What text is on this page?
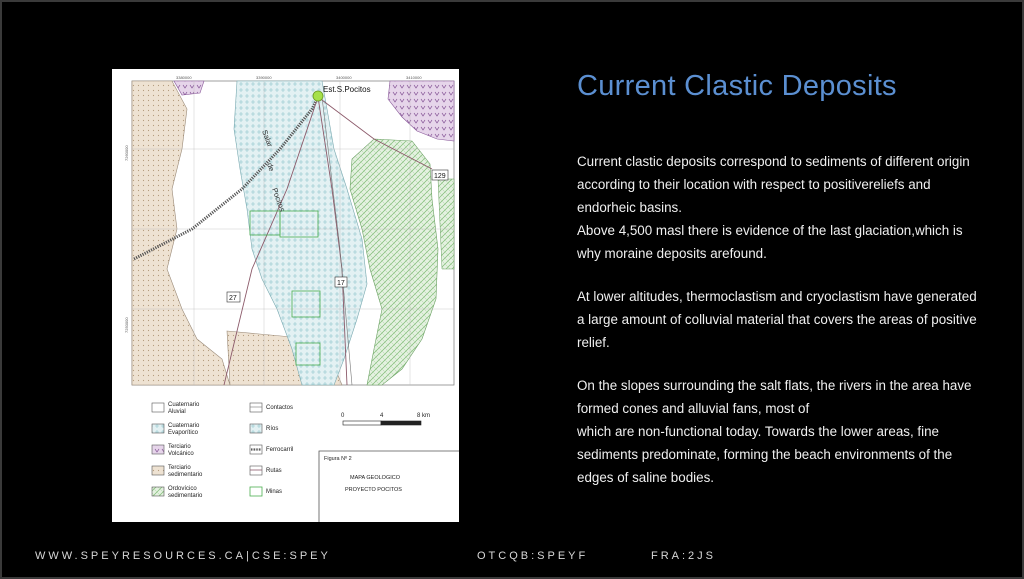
Est.S.Pocitos
Salar
de
Pocitos
129
27
17
3380000	3390000	3400000	3410000
7260000
7250000
Cuaternario
Aluvial
Cuaternario
Evaporítico
Terciario
Volcánico
Terciario
sedimentario
Ordovícico
sedimentario
Contactos
Ríos
Ferrocarril
Rutas
Minas
0	4	8 km
Figura Nº 2
MAPA GEOLOGICO
PROYECTO POCITOS
Current Clastic Deposits

Current clastic deposits correspond to sediments of different origin according to their location with respect to positivereliefs and endorheic basins.

Above 4,500 masl there is evidence of the last glaciation,which is why moraine deposits arefound.

At lower altitudes, thermoclastism and cryoclastism have generated a large amount of colluvial material that covers the areas of positive relief.

On the slopes surrounding the salt flats, the rivers in the area have formed cones and alluvial fans, most of

which are non-functional today. Towards the lower areas, fine sediments predominate, forming the beach environments of the edges of saline bodies.

WWW.SPEYRESOURCES.CA|CSE:SPEY	OTCQB:SPEYF	FRA:2JS
